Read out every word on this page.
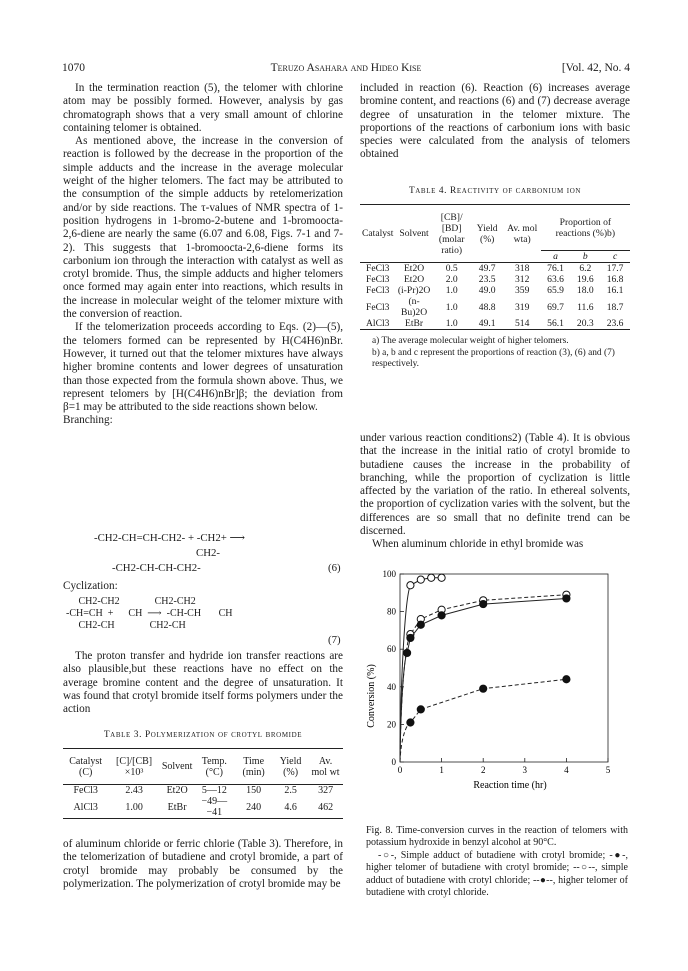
1070	Teruzo Asahara and Hideo Kise	[Vol. 42, No. 4

In the termination reaction (5), the telomer with chlorine atom may be possibly formed. However, analysis by gas chromatograph shows that a very small amount of chlorine containing telomer is obtained.

As mentioned above, the increase in the conversion of reaction is followed by the decrease in the proportion of the simple adducts and the increase in the average molecular weight of the higher telomers. The fact may be attributed to the consumption of the simple adducts by retelomerization and/or by side reactions. The τ-values of NMR spectra of 1-position hydrogens in 1-bromo-2-butene and 1-bromoocta-2,6-diene are nearly the same (6.07 and 6.08, Figs. 7-1 and 7-2). This suggests that 1-bromoocta-2,6-diene forms its carbonium ion through the interaction with catalyst as well as crotyl bromide. Thus, the simple adducts and higher telomers once formed may again enter into reactions, which results in the increase in molecular weight of the telomer mixture with the conversion of reaction.

If the telomerization proceeds according to Eqs. (2)—(5), the telomers formed can be represented by H(C4H6)nBr. However, it turned out that the telomer mixtures have always higher bromine contents and lower degrees of unsaturation than those expected from the formula shown above. Thus, we represent telomers by [H(C4H6)nBr]β; the deviation from β=1 may be attributed to the side reactions shown below.

Branching:

-CH2-CH=CH-CH2- + -CH2+ ⟶
CH2-
-CH2-CH-CH-CH2-	(6)
Cyclization:
CH2-CH2              CH2-CH2
-CH=CH  +      CH  ⟶  -CH-CH       CH
CH2-CH              CH2-CH
(7)

The proton transfer and hydride ion transfer reactions are also plausible,but these reactions have no effect on the average bromine content and the degree of unsaturation. It was found that crotyl bromide itself forms polymers under the action

Table 3. Polymerization of crotyl bromide
Catalyst (C)	[C]/[CB] ×10³	Solvent	Temp. (°C)	Time (min)	Yield (%)	Av. mol wt
FeCl3	2.43	Et2O	5—12	150	2.5	327
AlCl3	1.00	EtBr	−49—−41	240	4.6	462

of aluminum chloride or ferric chlorie (Table 3). Therefore, in the telomerization of butadiene and crotyl bromide, a part of crotyl bromide may probably be consumed by the polymerization. The polymerization of crotyl bromide may be

included in reaction (6). Reaction (6) increases average bromine content, and reactions (6) and (7) decrease average degree of unsaturation in the telomer mixture. The proportions of the reactions of carbonium ions with basic species were calculated from the analysis of telomers obtained

Table 4. Reactivity of carbonium ion
Catalyst	Solvent	[CB]/ [BD] (molar ratio)	Yield (%)	Av. mol wta)	Proportion of reactions (%)b)		
					a	b	c
FeCl3	Et2O	0.5	49.7	318	76.1	6.2	17.7
FeCl3	Et2O	2.0	23.5	312	63.6	19.6	16.8
FeCl3	(i-Pr)2O	1.0	49.0	359	65.9	18.0	16.1
FeCl3	(n-Bu)2O	1.0	48.8	319	69.7	11.6	18.7
AlCl3	EtBr	1.0	49.1	514	56.1	20.3	23.6

a) The average molecular weight of higher telomers.
b) a, b and c represent the proportions of reaction (3), (6) and (7) respectively.

under various reaction conditions2) (Table 4). It is obvious that the increase in the initial ratio of crotyl bromide to butadiene causes the increase in the probability of branching, while the proportion of cyclization is little affected by the variation of the ratio. In ethereal solvents, the proportion of cyclization varies with the solvent, but the differences are so small that no definite trend can be discerned.

When aluminum chloride in ethyl bromide was

Conversion (%)
Reaction time (hr)
0	1	2	3	4	5
0
20
40
60
80
100

Fig. 8. Time-conversion curves in the reaction of telomers with potassium hydroxide in benzyl alcohol at 90°C.

-○-, Simple adduct of butadiene with crotyl bromide; -●-, higher telomer of butadiene with crotyl bromide; --○--, simple adduct of butadiene with crotyl chloride; --●--, higher telomer of butadiene with crotyl chloride.
